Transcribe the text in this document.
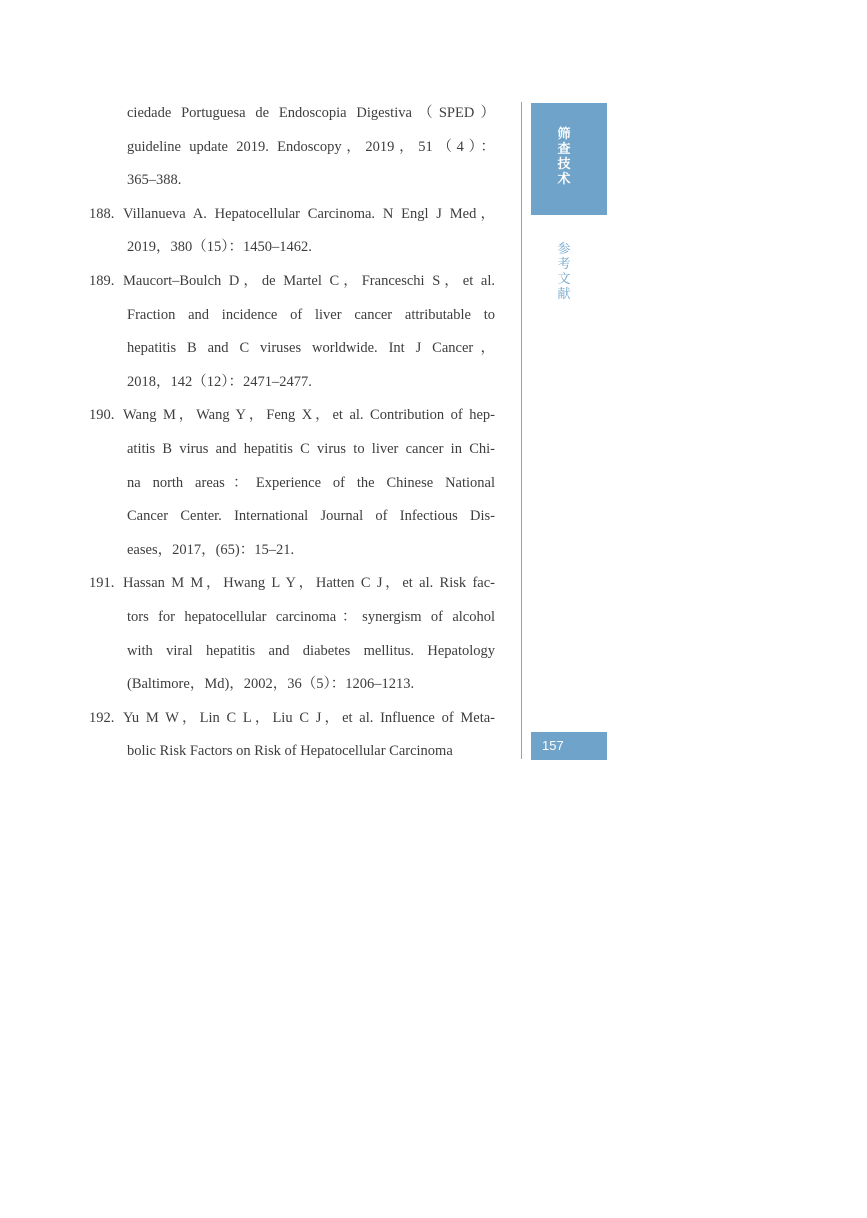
筛查技术
参考文献
157
ciedade Portuguesa de Endoscopia Digestiva（SPED）
guideline update 2019. Endoscopy，2019，51（4）：
365–388.
188. Villanueva A. Hepatocellular Carcinoma. N Engl J Med，
2019，380（15）：1450–1462.
189. Maucort–Boulch D，de Martel C，Franceschi S，et al.
Fraction and incidence of liver cancer attributable to
hepatitis B and C viruses worldwide. Int J Cancer，
2018，142（12）：2471–2477.
190. Wang M，Wang Y，Feng X，et al. Contribution of hep-
atitis B virus and hepatitis C virus to liver cancer in Chi-
na north areas：Experience of the Chinese National
Cancer Center. International Journal of Infectious Dis-
eases，2017，(65)：15–21.
191. Hassan M M，Hwang L Y，Hatten C J，et al. Risk fac-
tors for hepatocellular carcinoma：synergism of alcohol
with viral hepatitis and diabetes mellitus. Hepatology
(Baltimore，Md)，2002，36（5）：1206–1213.
192. Yu M W，Lin C L，Liu C J，et al. Influence of Meta-
bolic Risk Factors on Risk of Hepatocellular Carcinoma
